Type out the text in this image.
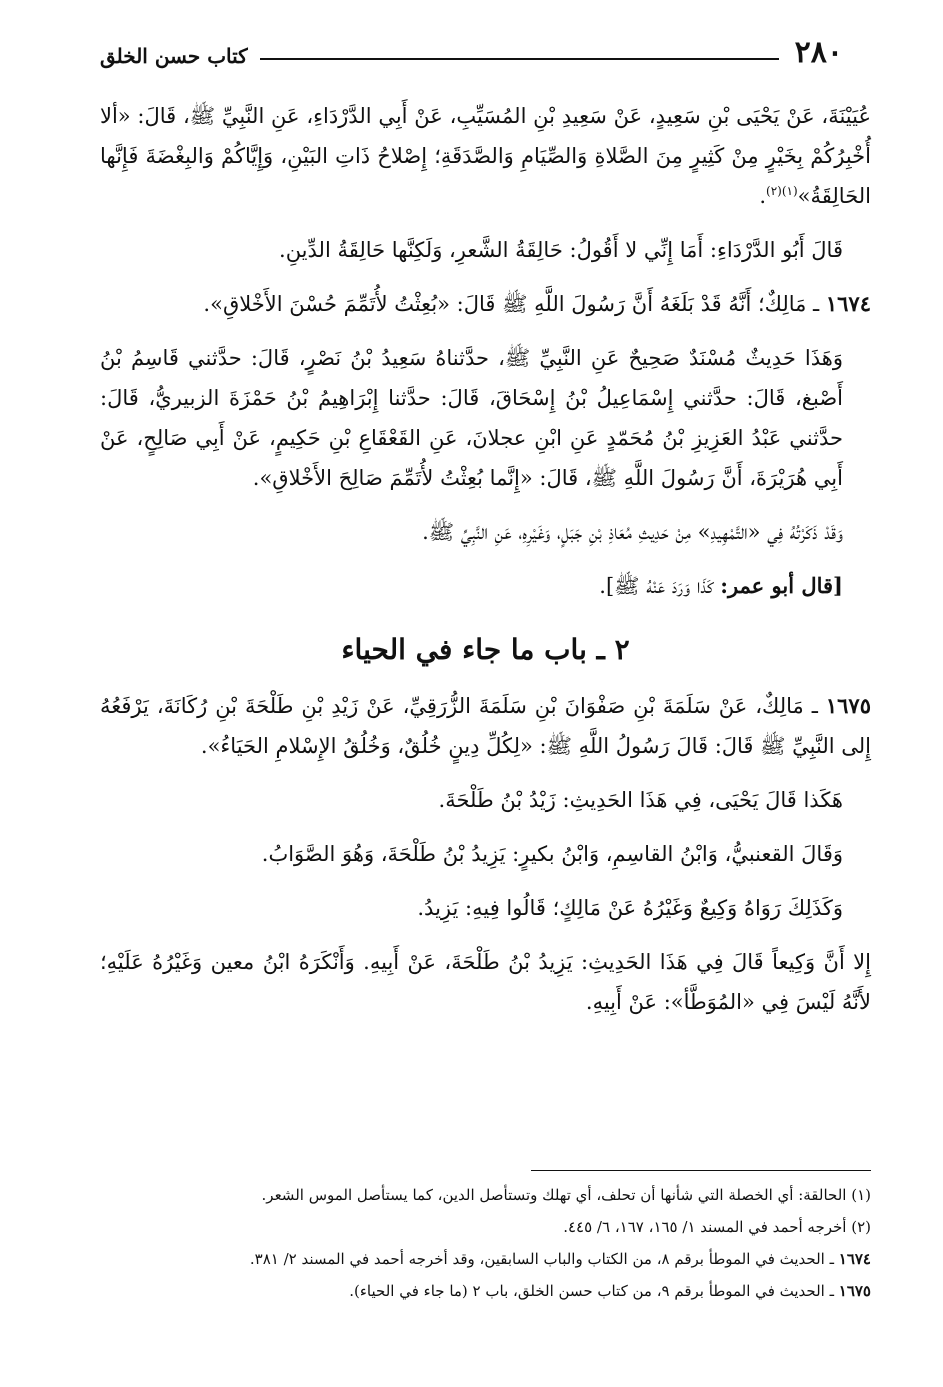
٢٨٠
كتاب حسن الخلق

عُيَيْنَةَ، عَنْ يَحْيَى بْنِ سَعِيدٍ، عَنْ سَعِيدِ بْنِ المُسَيِّبِ، عَنْ أَبِي الدَّرْدَاءِ، عَنِ النَّبِيِّ ﷺ، قَالَ: «ألا أُخْبِرُكُمْ بِخَيْرٍ مِنْ كَثِيرٍ مِنَ الصَّلاةِ وَالصِّيَامِ وَالصَّدَقَةِ؛ إِصْلاحُ ذَاتِ البَيْنِ، وَإِيَّاكُمْ وَالبِغْضَةَ فَإِنَّها الحَالِقَةُ»$^{(١)(٢)}$.

قَالَ أَبُو الدَّرْدَاءِ: أَمَا إِنِّي لا أَقُولُ: حَالِقَةُ الشَّعرِ، وَلَكِنَّها حَالِقَةُ الدِّينِ.

١٦٧٤ ـ مَالِكٌ؛ أَنَّهُ قَدْ بَلَغَهُ أَنَّ رَسُولَ اللَّهِ ﷺ قَالَ: «بُعِثْتُ لأُتَمِّمَ حُسْنَ الأَخْلاقِ».

وَهَذَا حَدِيثٌ مُسْنَدٌ صَحِيحٌ عَنِ النَّبِيِّ ﷺ، حدَّثناهُ سَعِيدُ بْنُ نَصْرٍ، قَالَ: حدَّثني قَاسِمُ بْنُ أَصْبغ، قَالَ: حدَّثني إِسْمَاعِيلُ بْنُ إِسْحَاقَ، قَالَ: حدَّثنا إِبْرَاهِيمُ بْنُ حَمْزَةَ الزبيريُّ، قَالَ: حدَّثني عَبْدُ العَزِيزِ بْنُ مُحَمّدٍ عَنِ ابْنِ عجلانَ، عَنِ القَعْقَاعِ بْنِ حَكِيمٍ، عَنْ أَبِي صَالِحٍ، عَنْ أَبِي هُرَيْرَةَ، أَنَّ رَسُولَ اللَّهِ ﷺ، قَالَ: «إِنَّما بُعِثْتُ لأُتَمِّمَ صَالِحَ الأَخْلاقِ».

وَقَدْ ذَكَرْتُهُ فِي «التَّمْهِيدِ» مِنْ حَدِيثِ مُعَاذِ بْنِ جَبَلٍ، وَغَيْرِهِ، عَنِ النَّبِيِّ ﷺ.

[قال أبو عمر: كَذَا وَرَدَ عَنْهُ ﷺ].

٢ ـ باب ما جاء في الحياء

١٦٧٥ ـ مَالِكٌ، عَنْ سَلَمَةَ بْنِ صَفْوَانَ بْنِ سَلَمَةَ الزُّرَقِيِّ، عَنْ زَيْدِ بْنِ طَلْحَةَ بْنِ رُكَانَةَ، يَرْفَعُهُ إِلى النَّبِيِّ ﷺ قَالَ: قَالَ رَسُولُ اللَّهِ ﷺ: «لِكُلِّ دِينٍ خُلُقٌ، وَخُلُقُ الإِسْلامِ الحَيَاءُ».

هَكَذا قَالَ يَحْيَى، فِي هَذَا الحَدِيثِ: زَيْدُ بْنُ طَلْحَةَ.

وَقَالَ القعنبيُّ، وَابْنُ القاسِمِ، وَابْنُ بكيرٍ: يَزِيدُ بْنُ طَلْحَةَ، وَهُوَ الصَّوَابُ.

وَكَذَلِكَ رَوَاهُ وَكِيعٌ وَغَيْرُهُ عَنْ مَالِكٍ؛ قَالُوا فِيهِ: يَزِيدُ.

إِلا أَنَّ وَكِيعاً قَالَ فِي هَذَا الحَدِيثِ: يَزِيدُ بْنُ طَلْحَةَ، عَنْ أَبِيهِ. وَأَنْكَرَهُ ابْنُ معين وَغَيْرُهُ عَلَيْهِ؛ لأَنَّهُ لَيْسَ فِي «المُوَطَّأ»: عَنْ أَبِيهِ.

(١) الحالقة: أي الخصلة التي شأنها أن تحلف، أي تهلك وتستأصل الدين، كما يستأصل الموس الشعر.

(٢) أخرجه أحمد في المسند ١/ ١٦٥، ١٦٧، ٦/ ٤٤٥.

١٦٧٤ ـ الحديث في الموطأ برقم ٨، من الكتاب والباب السابقين، وقد أخرجه أحمد في المسند ٢/ ٣٨١.

١٦٧٥ ـ الحديث في الموطأ برقم ٩، من كتاب حسن الخلق، باب ٢ (ما جاء في الحياء).
